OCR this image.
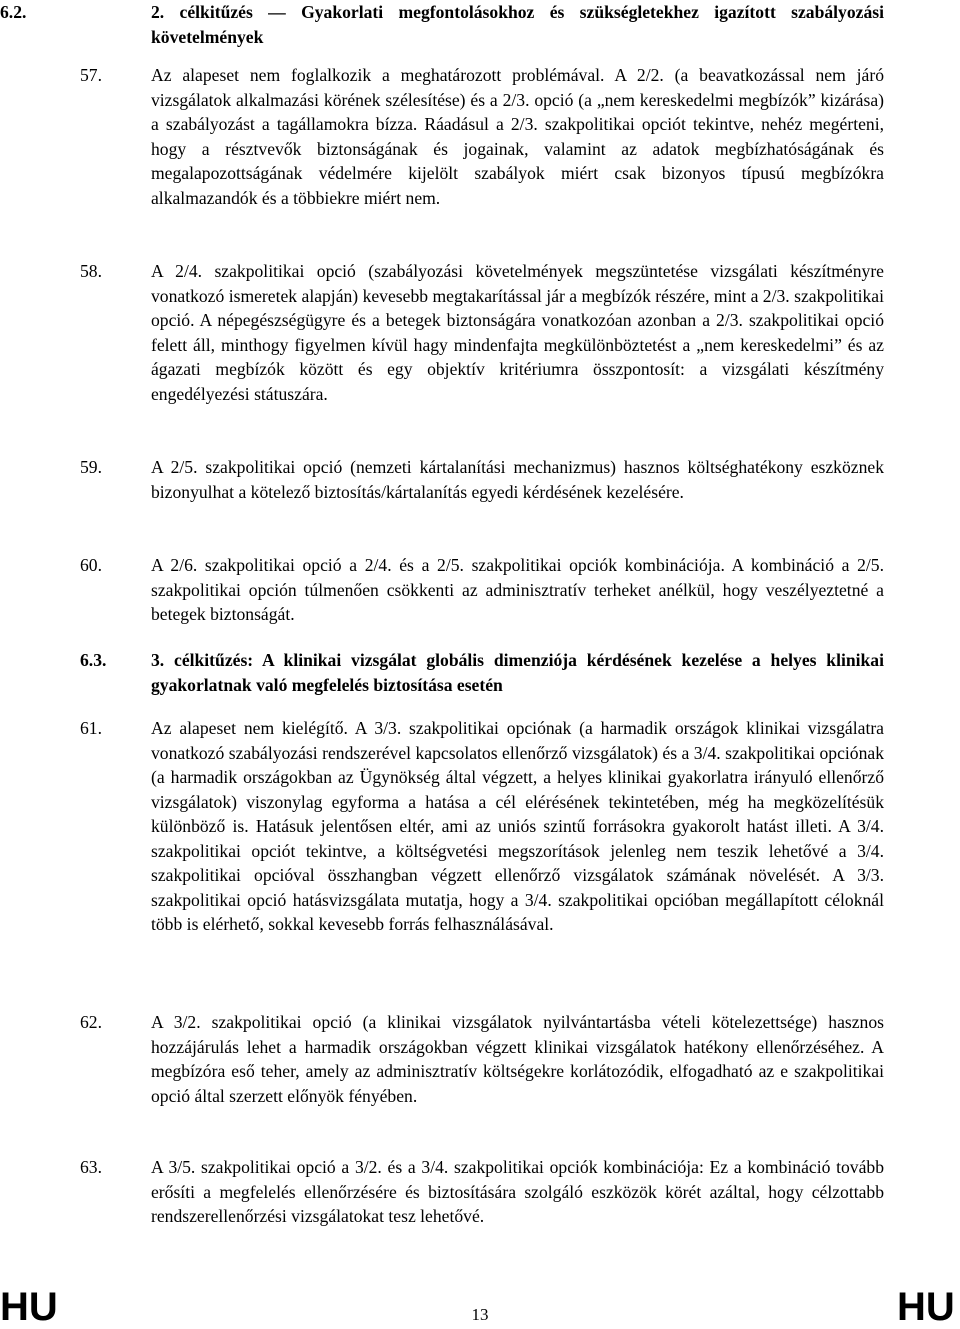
6.2.	2. célkitűzés — Gyakorlati megfontolásokhoz és szükségletekhez igazított szabályozási követelmények
57.	Az alapeset nem foglalkozik a meghatározott problémával. A 2/2. (a beavatkozással nem járó vizsgálatok alkalmazási körének szélesítése) és a 2/3. opció (a „nem kereskedelmi megbízók” kizárása) a szabályozást a tagállamokra bízza. Ráadásul a 2/3. szakpolitikai opciót tekintve, nehéz megérteni, hogy a résztvevők biztonságának és jogainak, valamint az adatok megbízhatóságának és megalapozottságának védelmére kijelölt szabályok miért csak bizonyos típusú megbízókra alkalmazandók és a többiekre miért nem.
58.	A 2/4. szakpolitikai opció (szabályozási követelmények megszüntetése vizsgálati készítményre vonatkozó ismeretek alapján) kevesebb megtakarítással jár a megbízók részére, mint a 2/3. szakpolitikai opció. A népegészségügyre és a betegek biztonságára vonatkozóan azonban a 2/3. szakpolitikai opció felett áll, minthogy figyelmen kívül hagy mindenfajta megkülönböztetést a „nem kereskedelmi” és az ágazati megbízók között és egy objektív kritériumra összpontosít: a vizsgálati készítmény engedélyezési státuszára.
59.	A 2/5. szakpolitikai opció (nemzeti kártalanítási mechanizmus) hasznos költséghatékony eszköznek bizonyulhat a kötelező biztosítás/kártalanítás egyedi kérdésének kezelésére.
60.	A 2/6. szakpolitikai opció a 2/4. és a 2/5. szakpolitikai opciók kombinációja. A kombináció a 2/5. szakpolitikai opción túlmenően csökkenti az adminisztratív terheket anélkül, hogy veszélyeztetné a betegek biztonságát.
6.3.	3. célkitűzés: A klinikai vizsgálat globális dimenziója kérdésének kezelése a helyes klinikai gyakorlatnak való megfelelés biztosítása esetén
61.	Az alapeset nem kielégítő. A 3/3. szakpolitikai opciónak (a harmadik országok klinikai vizsgálatra vonatkozó szabályozási rendszerével kapcsolatos ellenőrző vizsgálatok) és a 3/4. szakpolitikai opciónak (a harmadik országokban az Ügynökség által végzett, a helyes klinikai gyakorlatra irányuló ellenőrző vizsgálatok) viszonylag egyforma a hatása a cél elérésének tekintetében, még ha megközelítésük különböző is. Hatásuk jelentősen eltér, ami az uniós szintű forrásokra gyakorolt hatást illeti. A 3/4. szakpolitikai opciót tekintve, a költségvetési megszorítások jelenleg nem teszik lehetővé a 3/4. szakpolitikai opcióval összhangban végzett ellenőrző vizsgálatok számának növelését. A 3/3. szakpolitikai opció hatásvizsgálata mutatja, hogy a 3/4. szakpolitikai opcióban megállapított céloknál több is elérhető, sokkal kevesebb forrás felhasználásával.
62.	A 3/2. szakpolitikai opció (a klinikai vizsgálatok nyilvántartásba vételi kötelezettsége) hasznos hozzájárulás lehet a harmadik országokban végzett klinikai vizsgálatok hatékony ellenőrzéséhez. A megbízóra eső teher, amely az adminisztratív költségekre korlátozódik, elfogadható az e szakpolitikai opció által szerzett előnyök fényében.
63.	A 3/5. szakpolitikai opció a 3/2. és a 3/4. szakpolitikai opciók kombinációja: Ez a kombináció tovább erősíti a megfelelés ellenőrzésére és biztosítására szolgáló eszközök körét azáltal, hogy célzottabb rendszerellenőrzési vizsgálatokat tesz lehetővé.
HU	13	HU
